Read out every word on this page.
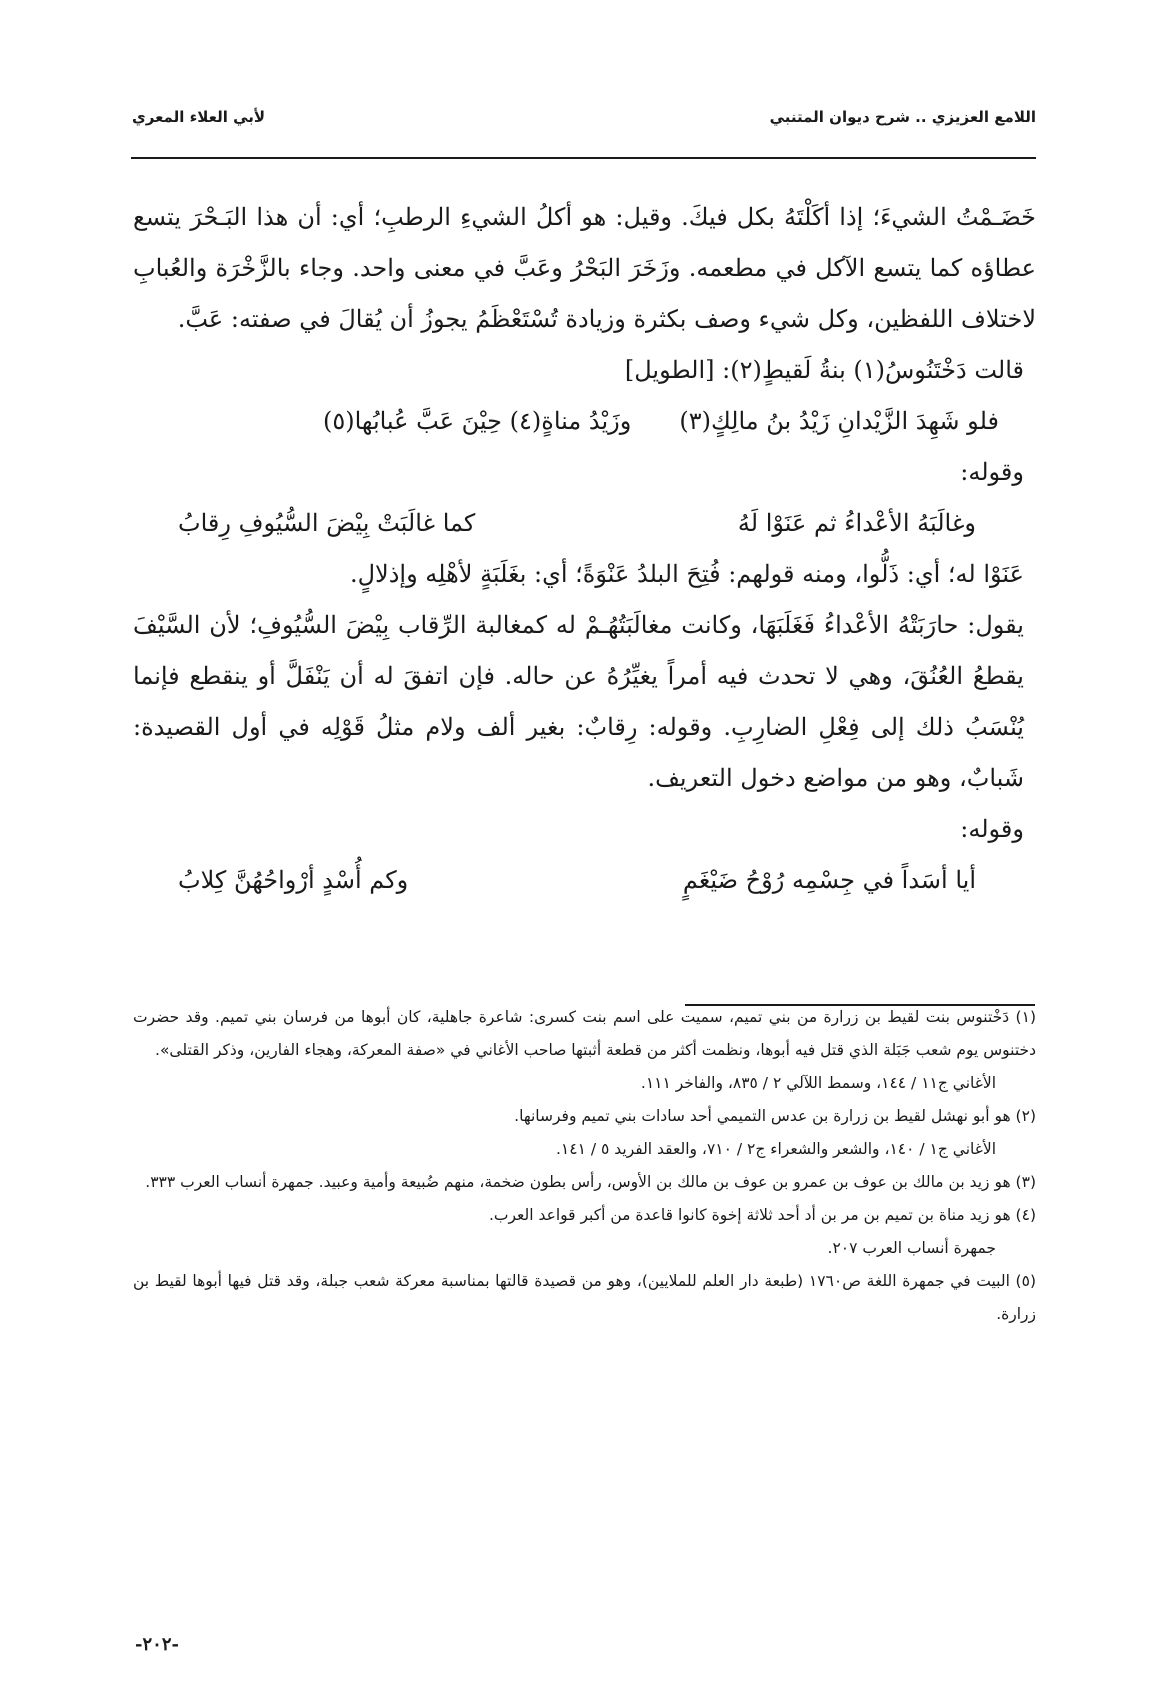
اللامع العزيزي .. شرح ديوان المتنبي
لأبي العلاء المعري

خَضَـمْتُ الشيءَ؛ إذا أكَلْتَهُ بكل فيكَ. وقيل: هو أكلُ الشيءِ الرطبِ؛ أي: أن هذا البَـحْرَ يتسع عطاؤه كما يتسع الآكل في مطعمه. وزَخَرَ البَحْرُ وعَبَّ في معنى واحد. وجاء بالزَّخْرَة والعُبابِ لاختلاف اللفظين، وكل شيء وصف بكثرة وزيادة تُسْتَعْظَمُ يجوزُ أن يُقالَ في صفته: عَبَّ.

قالت دَخْتَنُوسُ(١) بنةُ لَقيطٍ(٢): [الطويل]

فلو شَهِدَ الزَّيْدانِ زَيْدُ بنُ مالِكٍ(٣)
وزَيْدُ مناةٍ(٤) حِيْنَ عَبَّ عُبابُها(٥)

وقوله:

وغالَبَهُ الأعْداءُ ثم عَنَوْا لَهُ
كما غالَبَتْ بِيْضَ السُّيُوفِ رِقابُ

عَنَوْا له؛ أي: ذَلُّوا، ومنه قولهم: فُتِحَ البلدُ عَنْوَةً؛ أي: بغَلَبَةٍ لأهْلِه وإذلالٍ.

يقول: حارَبَتْهُ الأعْداءُ فَغَلَبَهَا، وكانت مغالَبَتُهُـمْ له كمغالبة الرِّقاب بِيْضَ السُّيُوفِ؛ لأن السَّيْفَ يقطعُ العُنُقَ، وهي لا تحدث فيه أمراً يغيِّرُهُ عن حاله. فإن اتفقَ له أن يَنْفَلَّ أو ينقطع فإنما يُنْسَبُ ذلك إلى فِعْلِ الضارِبِ. وقوله: رِقابٌ: بغير ألف ولام مثلُ قَوْلِه في أول القصيدة: شَبابٌ، وهو من مواضع دخول التعريف.

وقوله:

أيا أسَداً في جِسْمِه رُوْحُ ضَيْغَمٍ
وكم أُسْدٍ أرْواحُهُنَّ كِلابُ

(١) دَخْتنوس بنت لقيط بن زرارة من بني تميم، سميت على اسم بنت كسرى: شاعرة جاهلية، كان أبوها من فرسان بني تميم. وقد حضرت دختنوس يوم شعب جَبَلة الذي قتل فيه أبوها، ونظمت أكثر من قطعة أثبتها صاحب الأغاني في «صفة المعركة، وهجاء الفارين، وذكر القتلى».

الأغاني ج١١ / ١٤٤، وسمط اللآلي ٢ / ٨٣٥، والفاخر ١١١.

(٢) هو أبو نهشل لقيط بن زرارة بن عدس التميمي أحد سادات بني تميم وفرسانها.

الأغاني ج١ / ١٤٠، والشعر والشعراء ج٢ / ٧١٠، والعقد الفريد ٥ / ١٤١.

(٣) هو زيد بن مالك بن عوف بن عمرو بن عوف بن مالك بن الأوس، رأس بطون ضخمة، منهم ضُبيعة وأمية وعبيد. جمهرة أنساب العرب ٣٣٣.

(٤) هو زيد مناة بن تميم بن مر بن أد أحد ثلاثة إخوة كانوا قاعدة من أكبر قواعد العرب.

جمهرة أنساب العرب ٢٠٧.

(٥) البيت في جمهرة اللغة ص١٧٦٠ (طبعة دار العلم للملايين)، وهو من قصيدة قالتها بمناسبة معركة شعب جبلة، وقد قتل فيها أبوها لقيط بن زرارة.

-٢٠٢-
